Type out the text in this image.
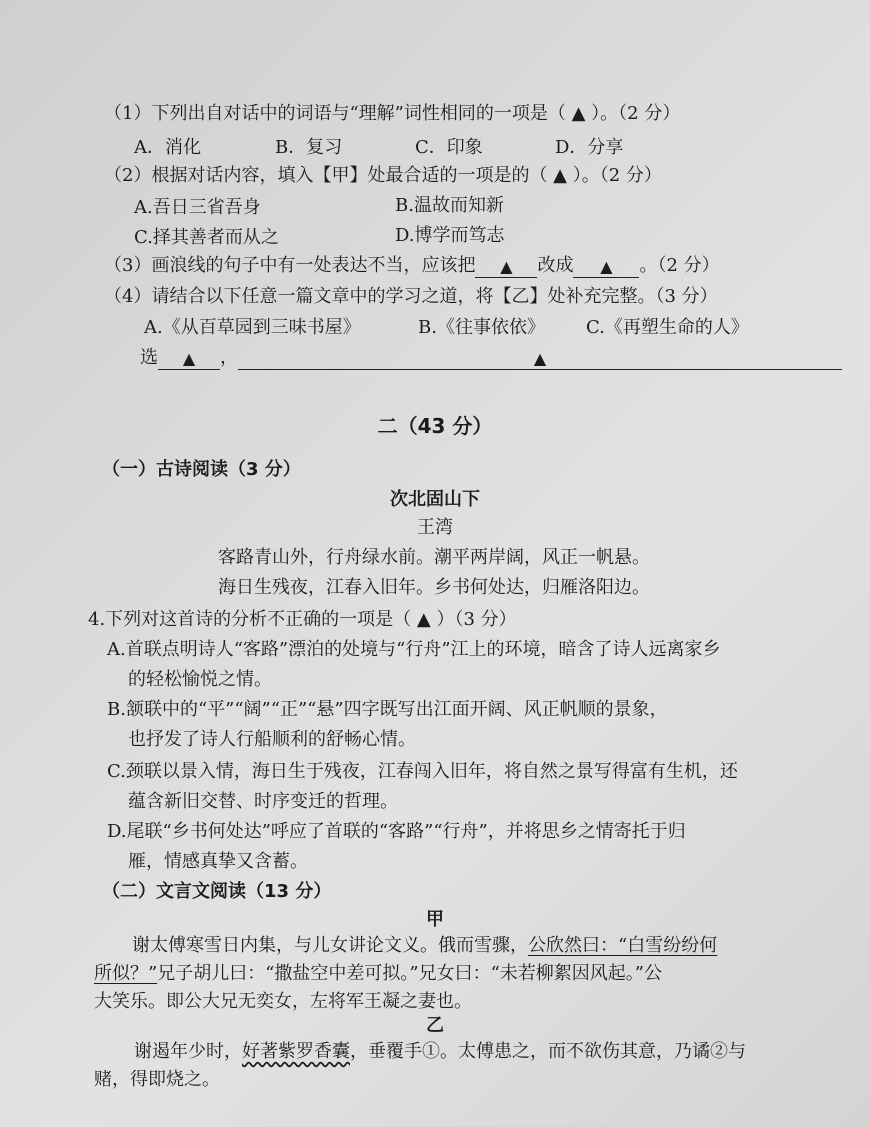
（1）下列出自对话中的词语与“理解”词性相同的一项是（ ▲ ）。（2 分）
A．消化	B．复习	C．印象	D．分享
（2）根据对话内容，填入【甲】处最合适的一项是的（ ▲ ）。（2 分）
A.吾日三省吾身	B.温故而知新
C.择其善者而从之	D.博学而笃志
（3）画浪线的句子中有一处表达不当，应该把 ▲ 改成 ▲ 。（2 分）
（4）请结合以下任意一篇文章中的学习之道，将【乙】处补充完整。（3 分）
A.《从百草园到三味书屋》	B.《往事依依》 C.《再塑生命的人》
选 ▲ ，	▲
二（43 分）
（一）古诗阅读（3 分）
次北固山下
王湾
客路青山外，行舟绿水前。潮平两岸阔，风正一帆悬。
海日生残夜，江春入旧年。乡书何处达，归雁洛阳边。
4.下列对这首诗的分析不正确的一项是（ ▲ ）（3 分）
A.首联点明诗人“客路”漂泊的处境与“行舟”江上的环境，暗含了诗人远离家乡
的轻松愉悦之情。
B.颔联中的“平”“阔”“正”“悬”四字既写出江面开阔、风正帆顺的景象，
也抒发了诗人行船顺利的舒畅心情。
C.颈联以景入情，海日生于残夜，江春闯入旧年，将自然之景写得富有生机，还
蕴含新旧交替、时序变迁的哲理。
D.尾联“乡书何处达”呼应了首联的“客路”“行舟”，并将思乡之情寄托于归
雁，情感真挚又含蓄。
（二）文言文阅读（13 分）
甲
谢太傅寒雪日内集，与儿女讲论文义。俄而雪骤，公欣然曰：“白雪纷纷何
所似？”兄子胡儿曰：“撒盐空中差可拟。”兄女曰：“未若柳絮因风起。”公
大笑乐。即公大兄无奕女，左将军王凝之妻也。
乙
谢遏年少时，好著紫罗香囊，垂覆手①。太傅患之，而不欲伤其意，乃谲②与
赌，得即烧之。
